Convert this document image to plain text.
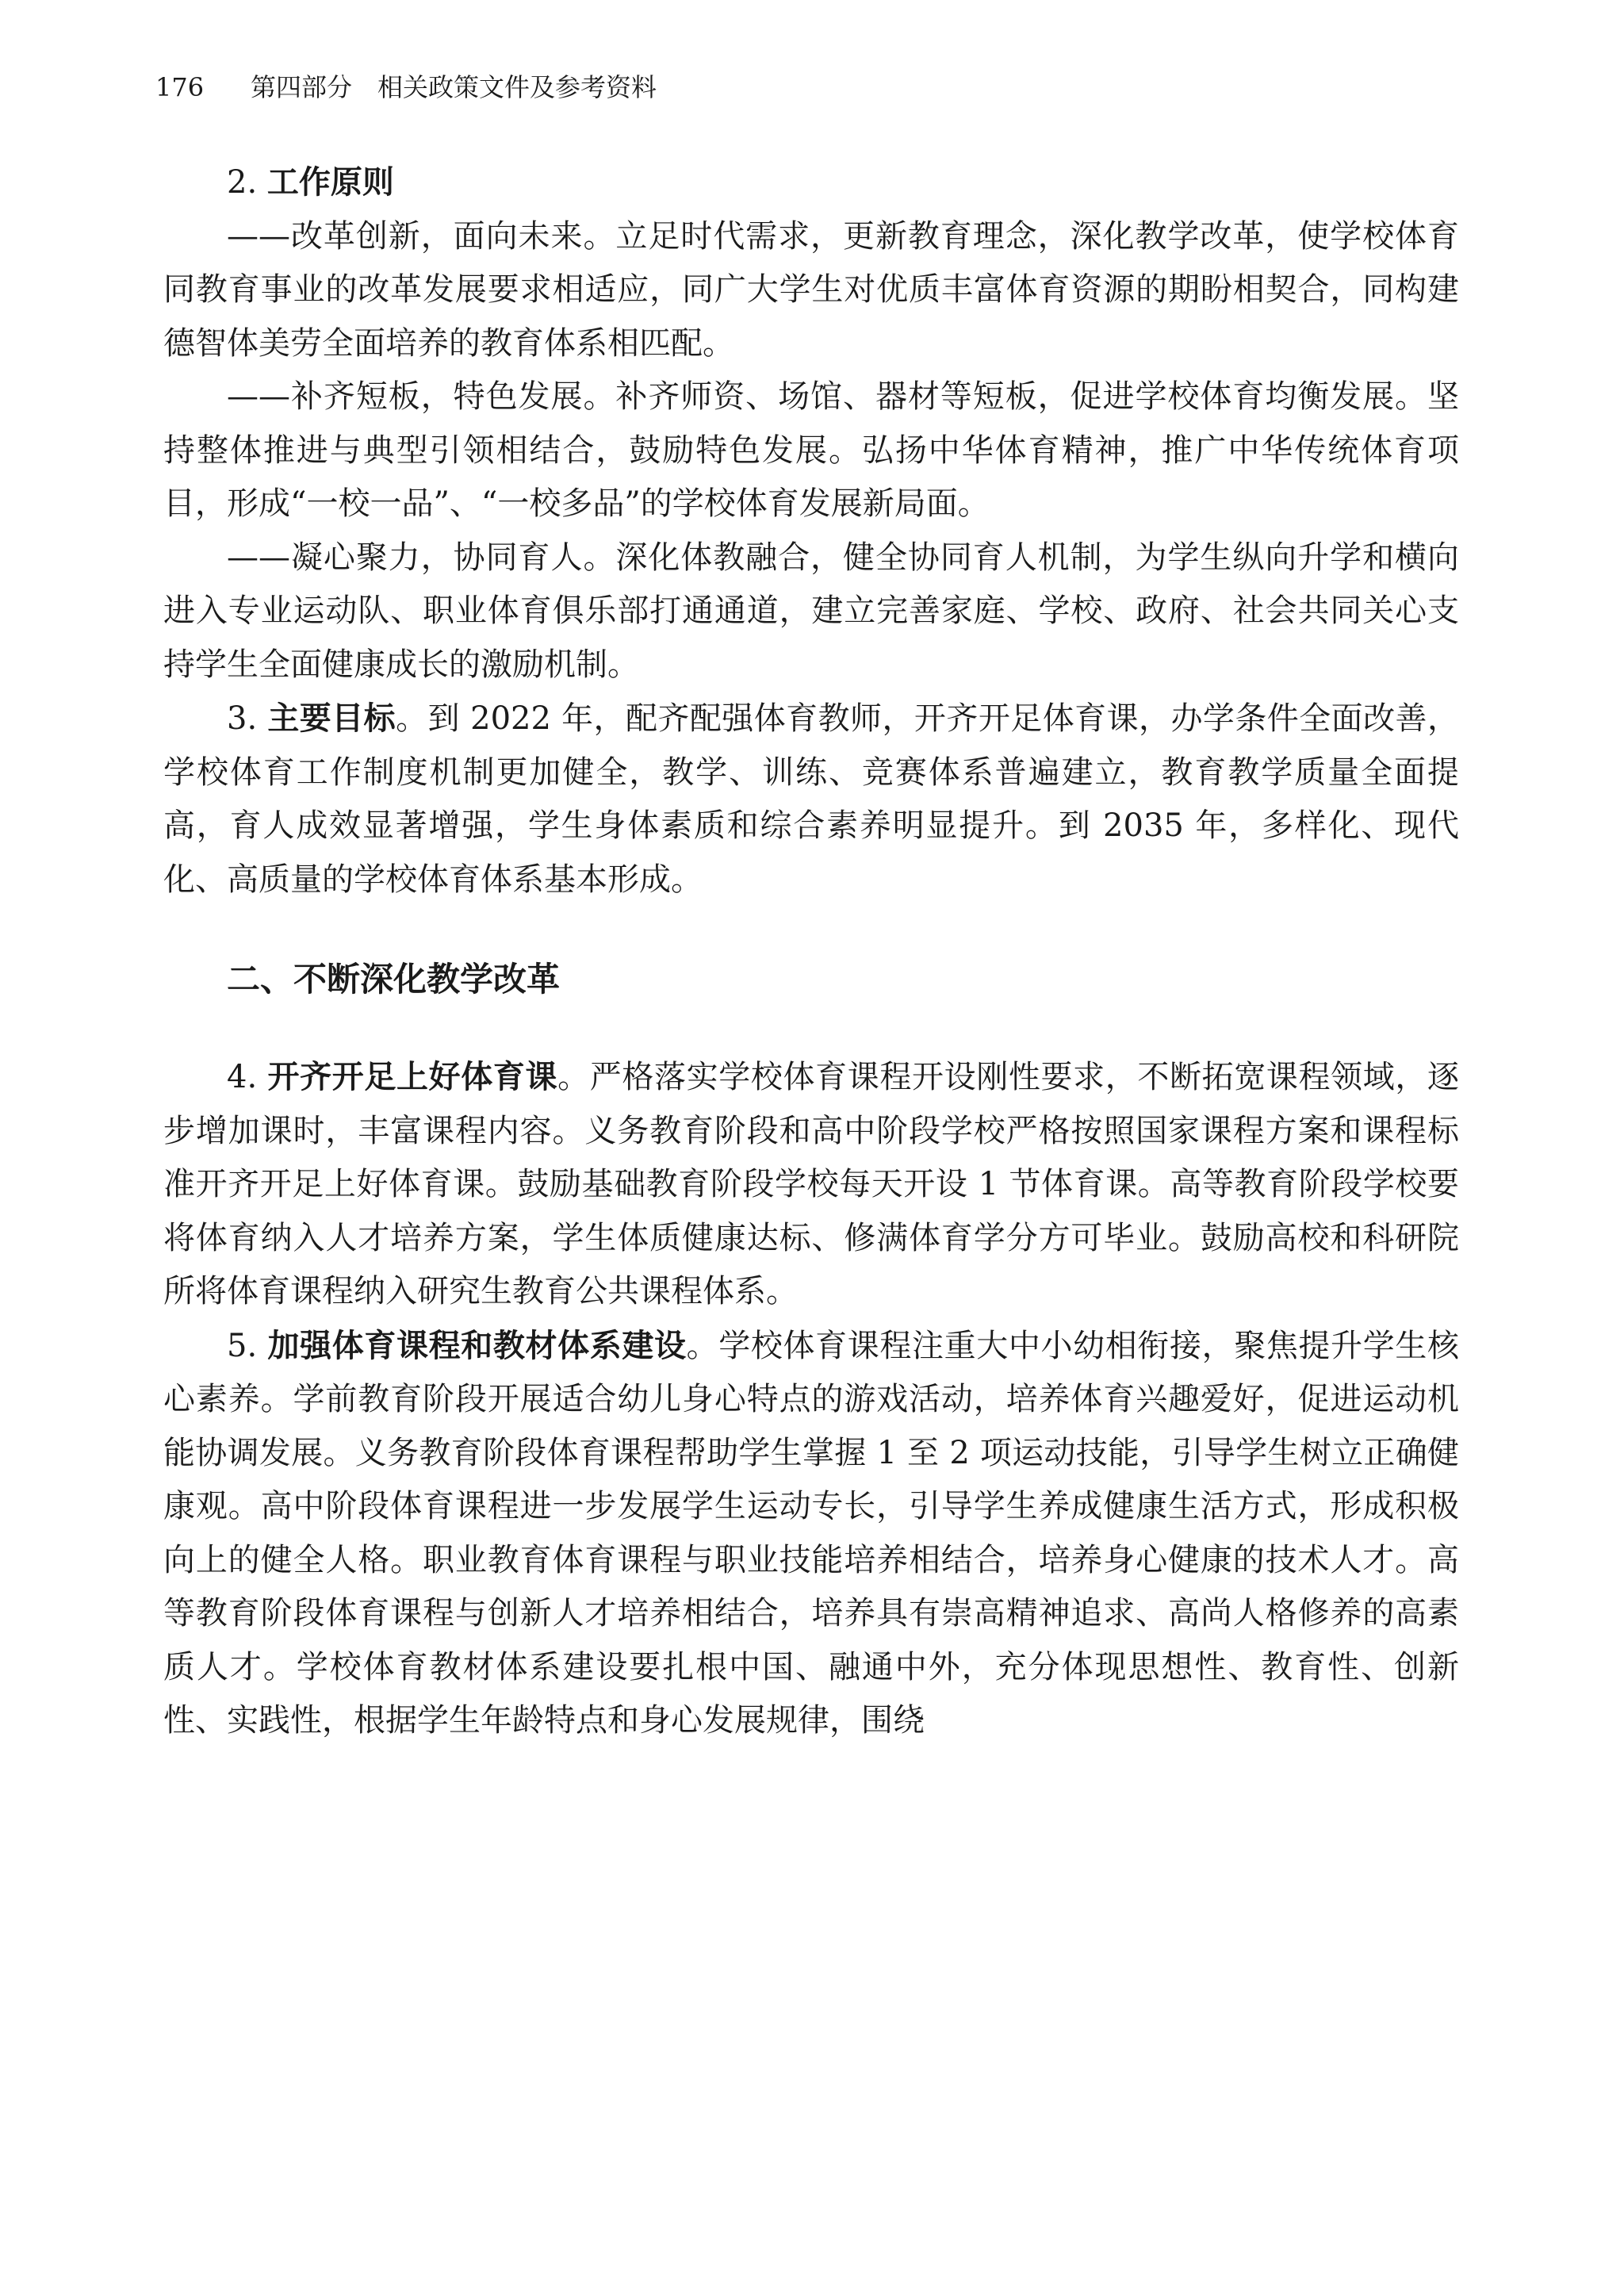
176 第四部分　相关政策文件及参考资料

2. 工作原则

——改革创新，面向未来。立足时代需求，更新教育理念，深化教学改革，使学校体育同教育事业的改革发展要求相适应，同广大学生对优质丰富体育资源的期盼相契合，同构建德智体美劳全面培养的教育体系相匹配。

——补齐短板，特色发展。补齐师资、场馆、器材等短板，促进学校体育均衡发展。坚持整体推进与典型引领相结合，鼓励特色发展。弘扬中华体育精神，推广中华传统体育项目，形成“一校一品”、“一校多品”的学校体育发展新局面。

——凝心聚力，协同育人。深化体教融合，健全协同育人机制，为学生纵向升学和横向进入专业运动队、职业体育俱乐部打通通道，建立完善家庭、学校、政府、社会共同关心支持学生全面健康成长的激励机制。

3. 主要目标。到 2022 年，配齐配强体育教师，开齐开足体育课，办学条件全面改善，学校体育工作制度机制更加健全，教学、训练、竞赛体系普遍建立，教育教学质量全面提高，育人成效显著增强，学生身体素质和综合素养明显提升。到 2035 年，多样化、现代化、高质量的学校体育体系基本形成。

二、不断深化教学改革

4. 开齐开足上好体育课。严格落实学校体育课程开设刚性要求，不断拓宽课程领域，逐步增加课时，丰富课程内容。义务教育阶段和高中阶段学校严格按照国家课程方案和课程标准开齐开足上好体育课。鼓励基础教育阶段学校每天开设 1 节体育课。高等教育阶段学校要将体育纳入人才培养方案，学生体质健康达标、修满体育学分方可毕业。鼓励高校和科研院所将体育课程纳入研究生教育公共课程体系。

5. 加强体育课程和教材体系建设。学校体育课程注重大中小幼相衔接，聚焦提升学生核心素养。学前教育阶段开展适合幼儿身心特点的游戏活动，培养体育兴趣爱好，促进运动机能协调发展。义务教育阶段体育课程帮助学生掌握 1 至 2 项运动技能，引导学生树立正确健康观。高中阶段体育课程进一步发展学生运动专长，引导学生养成健康生活方式，形成积极向上的健全人格。职业教育体育课程与职业技能培养相结合，培养身心健康的技术人才。高等教育阶段体育课程与创新人才培养相结合，培养具有崇高精神追求、高尚人格修养的高素质人才。学校体育教材体系建设要扎根中国、融通中外，充分体现思想性、教育性、创新性、实践性，根据学生年龄特点和身心发展规律，围绕
